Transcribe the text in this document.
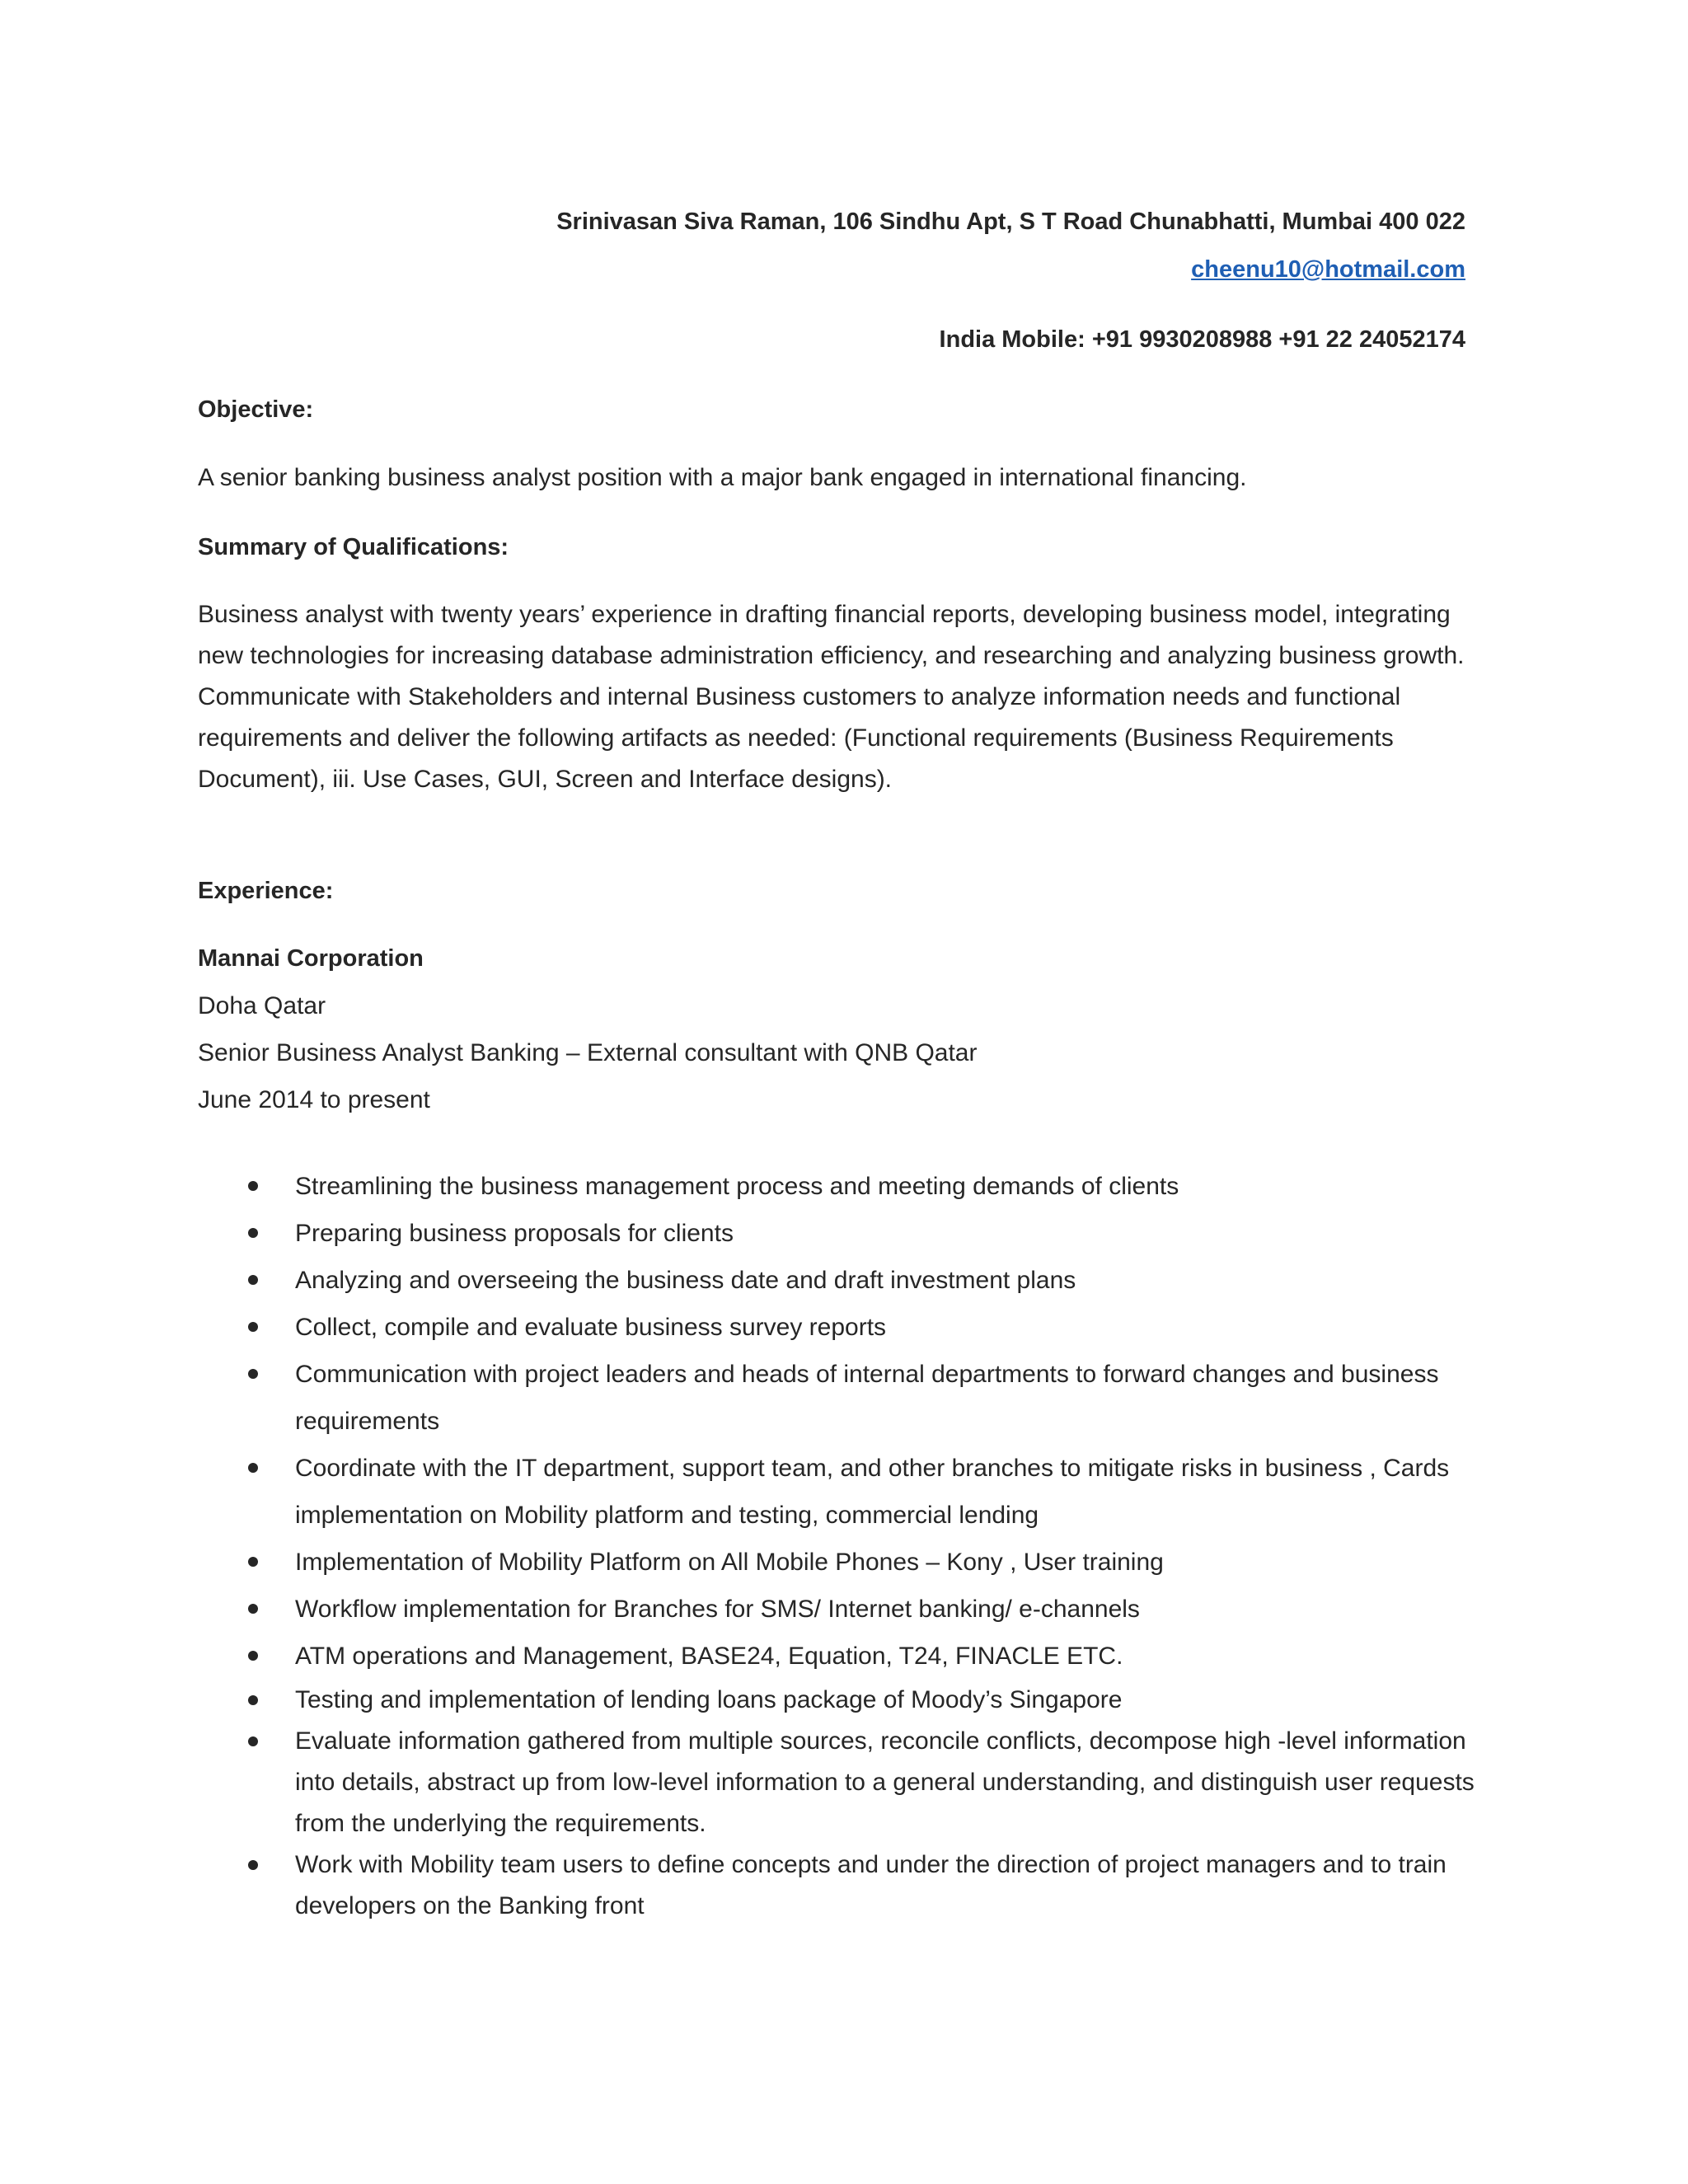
Srinivasan Siva Raman, 106 Sindhu Apt, S T Road Chunabhatti, Mumbai 400 022
cheenu10@hotmail.com
India Mobile: +91 9930208988 +91 22 24052174
Objective:
A senior banking business analyst position with a major bank engaged in international financing.
Summary of Qualifications:
Business analyst with twenty years’ experience in drafting financial reports, developing business model, integrating
new technologies for increasing database administration efficiency, and researching and analyzing business growth.
Communicate with Stakeholders and internal Business customers to analyze information needs and functional
requirements and deliver the following artifacts as needed: (Functional requirements (Business Requirements
Document), iii. Use Cases, GUI, Screen and Interface designs).
Experience:
Mannai Corporation
Doha Qatar
Senior Business Analyst Banking – External consultant with QNB Qatar
June 2014 to present
Streamlining the business management process and meeting demands of clients
Preparing business proposals for clients
Analyzing and overseeing the business date and draft investment plans
Collect, compile and evaluate business survey reports
Communication with project leaders and heads of internal departments to forward changes and business
requirements
Coordinate with the IT department, support team, and other branches to mitigate risks in business , Cards
implementation on Mobility platform and testing, commercial lending
Implementation of Mobility Platform on All Mobile Phones – Kony , User training
Workflow implementation for Branches for SMS/ Internet banking/ e-channels
ATM operations and Management, BASE24, Equation, T24, FINACLE ETC.
Testing and implementation of lending loans package of Moody’s Singapore
Evaluate information gathered from multiple sources, reconcile conflicts, decompose high -level information
into details, abstract up from low-level information to a general understanding, and distinguish user requests
from the underlying the requirements.
Work with Mobility team users to define concepts and under the direction of project managers and to train
developers on the Banking front
